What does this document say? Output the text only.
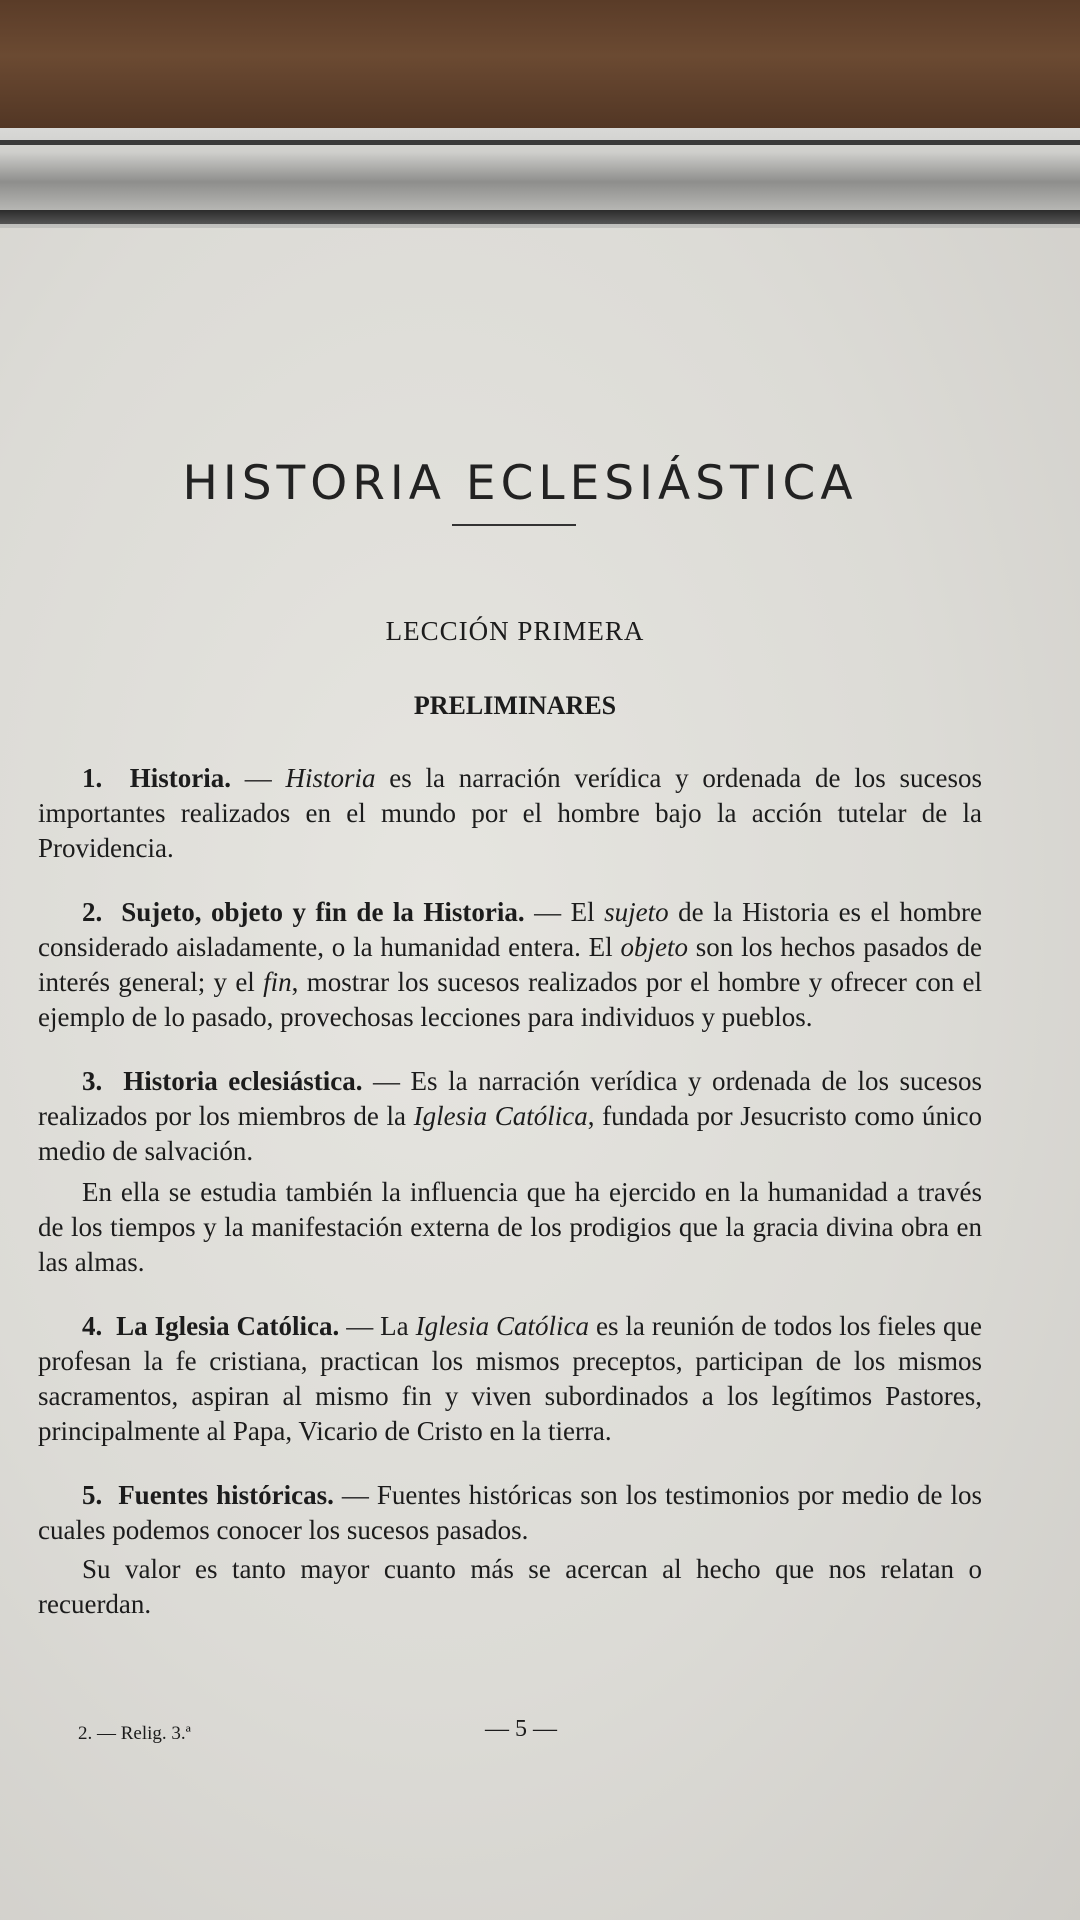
HISTORIA ECLESIÁSTICA
LECCIÓN PRIMERA
PRELIMINARES

1. Historia. — Historia es la narración verídica y ordenada de los sucesos importantes realizados en el mundo por el hombre bajo la acción tutelar de la Providencia.

2. Sujeto, objeto y fin de la Historia. — El sujeto de la Historia es el hombre considerado aisladamente, o la humanidad entera. El objeto son los hechos pasados de interés general; y el fin, mostrar los sucesos realizados por el hombre y ofrecer con el ejemplo de lo pasado, provechosas lecciones para individuos y pueblos.

3. Historia eclesiástica. — Es la narración verídica y ordenada de los sucesos realizados por los miembros de la Iglesia Católica, fundada por Jesucristo como único medio de salvación.

En ella se estudia también la influencia que ha ejercido en la humanidad a través de los tiempos y la manifestación externa de los prodigios que la gracia divina obra en las almas.

4. La Iglesia Católica. — La Iglesia Católica es la reunión de todos los fieles que profesan la fe cristiana, practican los mismos preceptos, participan de los mismos sacramentos, aspiran al mismo fin y viven subordinados a los legítimos Pastores, principalmente al Papa, Vicario de Cristo en la tierra.

5. Fuentes históricas. — Fuentes históricas son los testimonios por medio de los cuales podemos conocer los sucesos pasados.

Su valor es tanto mayor cuanto más se acercan al hecho que nos relatan o recuerdan.

2. — Relig. 3.ª	— 5 —
